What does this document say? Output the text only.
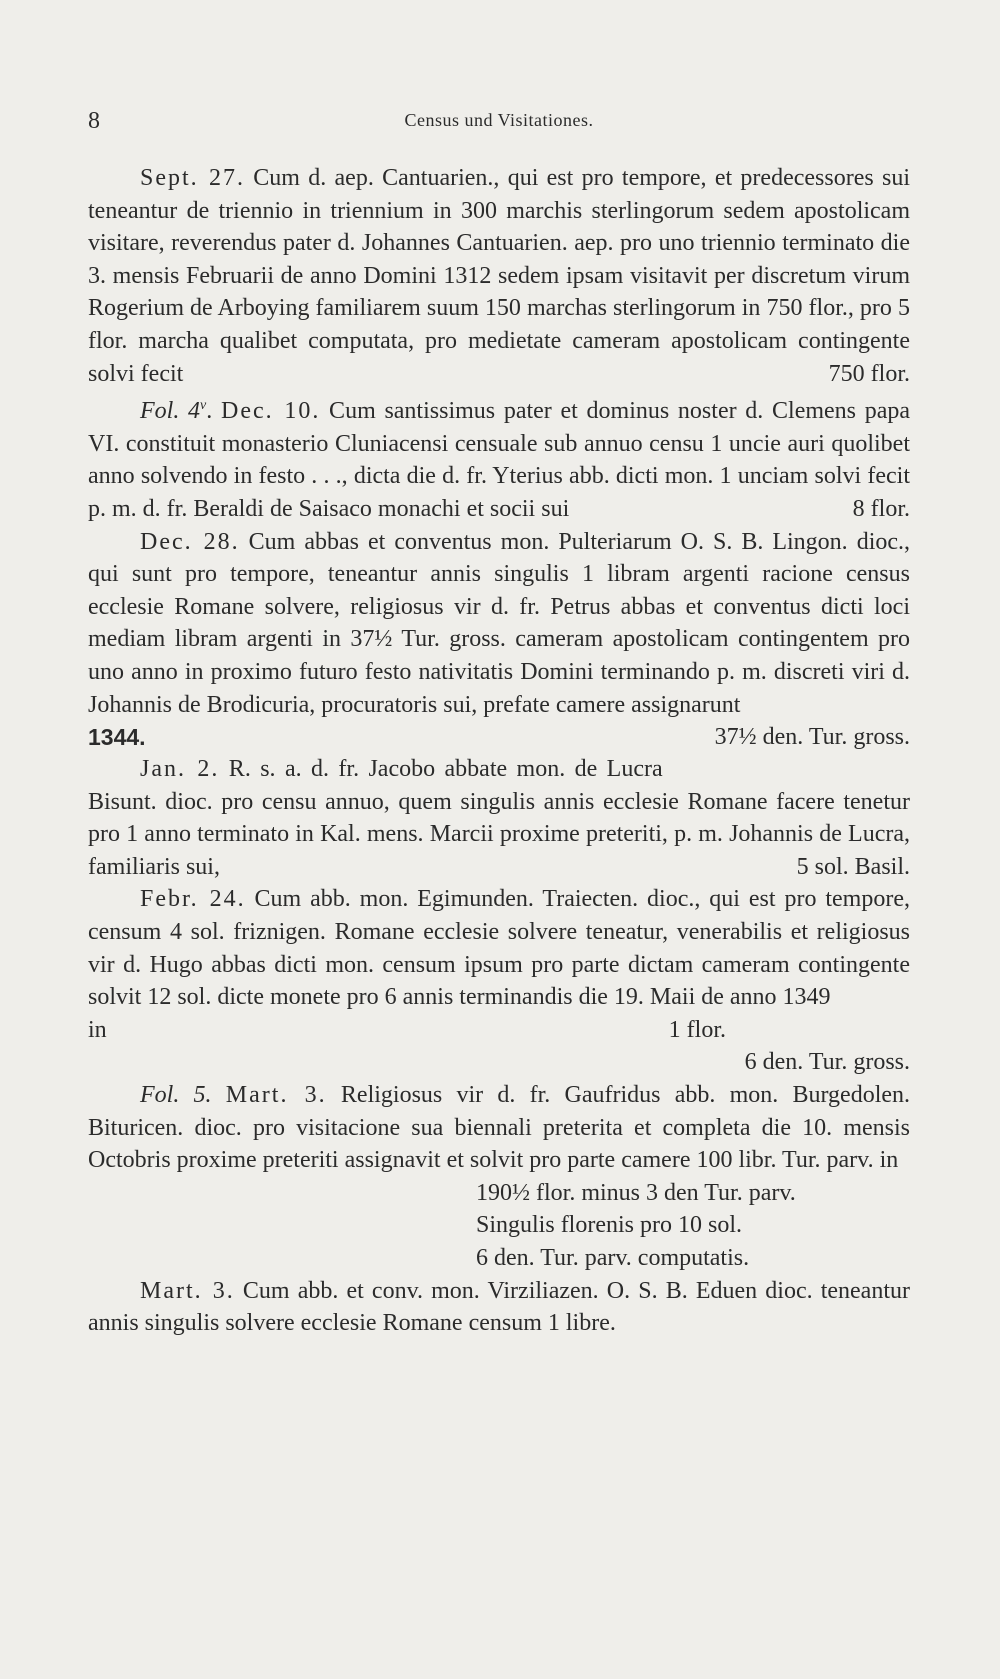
8	Census und Visitationes.

Sept. 27. Cum d. aep. Cantuarien., qui est pro tempore, et predecessores sui teneantur de triennio in triennium in 300 marchis sterlingorum sedem apostolicam visitare, reverendus pater d. Johannes Cantuarien. aep. pro uno triennio terminato die 3. mensis Februarii de anno Domini 1312 sedem ipsam visitavit per discretum virum Rogerium de Arboying familiarem suum 150 marchas sterlingorum in 750 flor., pro 5 flor. marcha qualibet computata, pro medietate cameram apostolicam contingente solvi fecit	750 flor.

Fol. 4$^v$. Dec. 10. Cum santissimus pater et dominus noster d. Clemens papa VI. constituit monasterio Cluniacensi censuale sub annuo censu 1 uncie auri quolibet anno solvendo in festo . . ., dicta die d. fr. Yterius abb. dicti mon. 1 unciam solvi fecit p. m. d. fr. Beraldi de Saisaco monachi et socii sui	8 flor.

Dec. 28. Cum abbas et conventus mon. Pulteriarum O. S. B. Lingon. dioc., qui sunt pro tempore, teneantur annis singulis 1 libram argenti racione census ecclesie Romane solvere, religiosus vir d. fr. Petrus abbas et conventus dicti loci mediam libram argenti in 37½ Tur. gross. cameram apostolicam contingentem pro uno anno in proximo futuro festo nativitatis Domini terminando p. m. discreti viri d. Johannis de Brodicuria, procuratoris sui, prefate camere assignarunt
37½ den. Tur. gross.

1344.

Jan. 2. R. s. a. d. fr. Jacobo abbate mon. de Lucra Bisunt. dioc. pro censu annuo, quem singulis annis ecclesie Romane facere tenetur pro 1 anno terminato in Kal. mens. Marcii proxime preteriti, p. m. Johannis de Lucra, familiaris sui,	5 sol. Basil.

Febr. 24. Cum abb. mon. Egimunden. Traiecten. dioc., qui est pro tempore, censum 4 sol. friznigen. Romane ecclesie solvere teneatur, venerabilis et religiosus vir d. Hugo abbas dicti mon. censum ipsum pro parte dictam cameram contingente solvit 12 sol. dicte monete pro 6 annis terminandis die 19. Maii de anno 1349

in	1 flor.
6 den. Tur. gross.

Fol. 5. Mart. 3. Religiosus vir d. fr. Gaufridus abb. mon. Burgedolen. Bituricen. dioc. pro visitacione sua biennali preterita et completa die 10. mensis Octobris proxime preteriti assignavit et solvit pro parte camere 100 libr. Tur. parv. in

190½ flor. minus 3 den Tur. parv.
Singulis florenis pro 10 sol.
6 den. Tur. parv. computatis.

Mart. 3. Cum abb. et conv. mon. Virziliazen. O. S. B. Eduen dioc. teneantur annis singulis solvere ecclesie Romane censum 1 libre.
